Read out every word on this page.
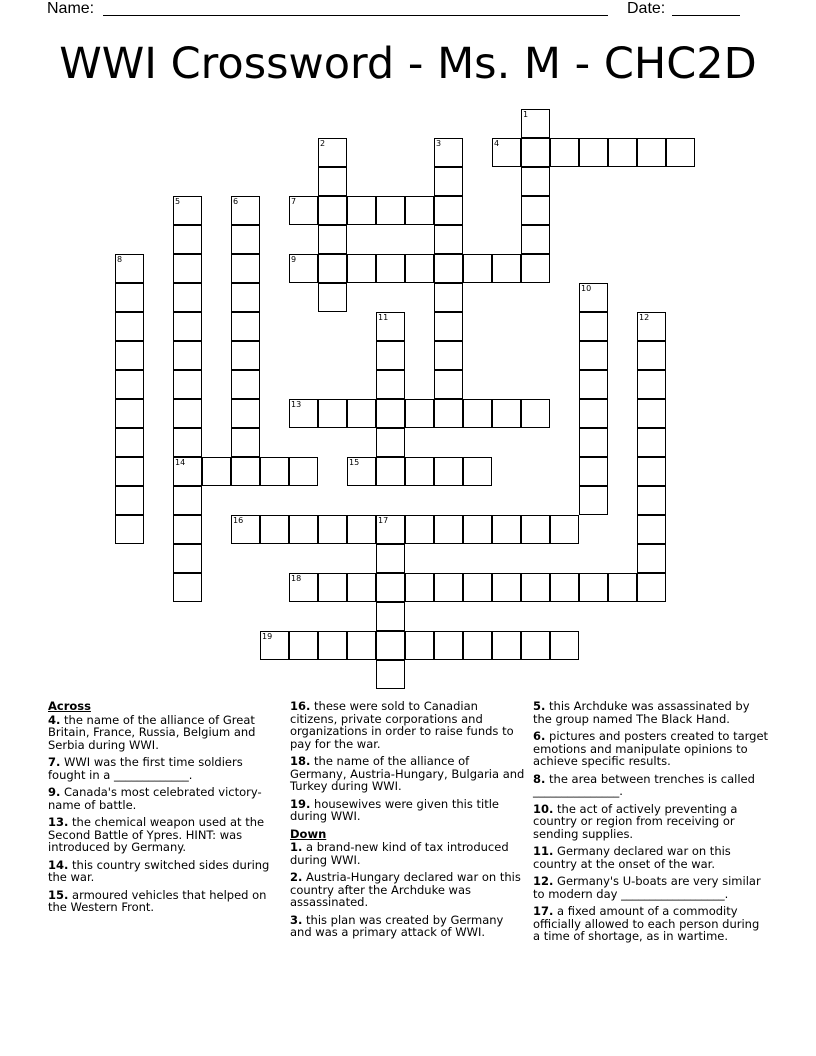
Name:	Date:
WWI Crossword - Ms. M - CHC2D
1
4
2	3
5	6	7
8	9
10
11	12
13
14	15
16	17
18
19
Across
4. the name of the alliance of Great Britain, France, Russia, Belgium and Serbia during WWI.
7. WWI was the first time soldiers fought in a _____________.
9. Canada's most celebrated victory-name of battle.
13. the chemical weapon used at the Second Battle of Ypres. HINT: was introduced by Germany.
14. this country switched sides during the war.
15. armoured vehicles that helped on the Western Front.
16. these were sold to Canadian citizens, private corporations and organizations in order to raise funds to pay for the war.
18. the name of the alliance of Germany, Austria-Hungary, Bulgaria and Turkey during WWI.
19. housewives were given this title during WWI.
Down
1. a brand-new kind of tax introduced during WWI.
2. Austria-Hungary declared war on this country after the Archduke was assassinated.
3. this plan was created by Germany and was a primary attack of WWI.
5. this Archduke was assassinated by the group named The Black Hand.
6. pictures and posters created to target emotions and manipulate opinions to achieve specific results.
8. the area between trenches is called _______________.
10. the act of actively preventing a country or region from receiving or sending supplies.
11. Germany declared war on this country at the onset of the war.
12. Germany's U-boats are very similar to modern day __________________.
17. a fixed amount of a commodity officially allowed to each person during a time of shortage, as in wartime.
